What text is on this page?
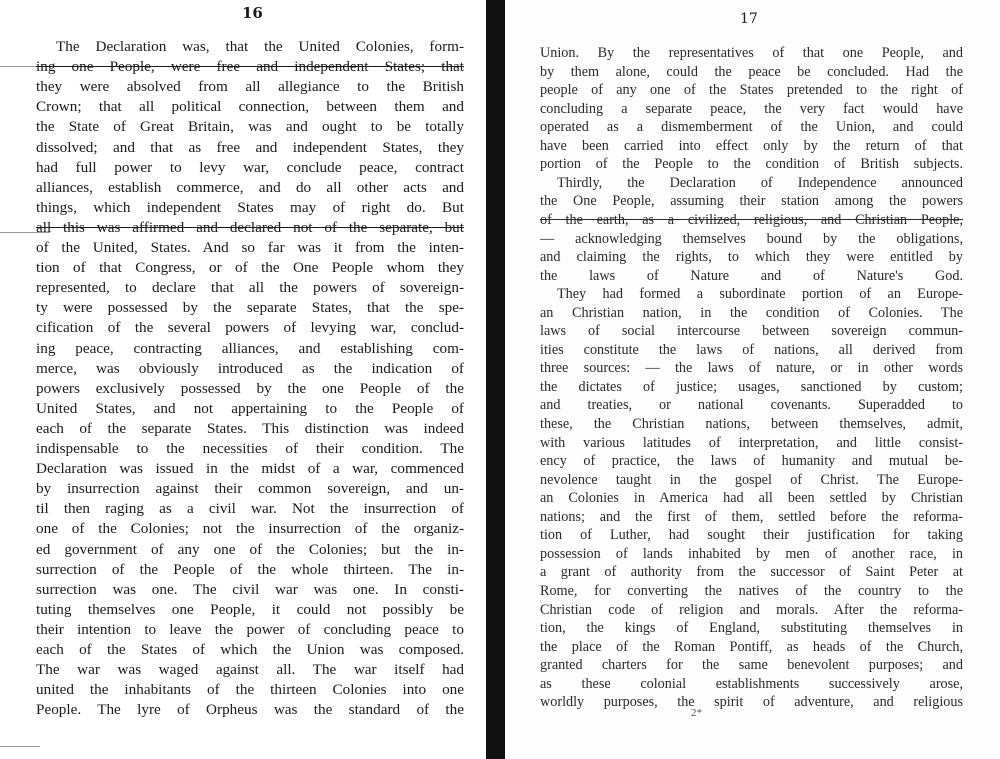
16
The Declaration was, that the United Colonies, form-
ing one People, were free and independent States; that
they were absolved from all allegiance to the British
Crown; that all political connection, between them and
the State of Great Britain, was and ought to be totally
dissolved; and that as free and independent States, they
had full power to levy war, conclude peace, contract
alliances, establish commerce, and do all other acts and
things, which independent States may of right do. But
all this was affirmed and declared not of the separate, but
of the United, States. And so far was it from the inten-
tion of that Congress, or of the One People whom they
represented, to declare that all the powers of sovereign-
ty were possessed by the separate States, that the spe-
cification of the several powers of levying war, conclud-
ing peace, contracting alliances, and establishing com-
merce, was obviously introduced as the indication of
powers exclusively possessed by the one People of the
United States, and not appertaining to the People of
each of the separate States. This distinction was indeed
indispensable to the necessities of their condition. The
Declaration was issued in the midst of a war, commenced
by insurrection against their common sovereign, and un-
til then raging as a civil war. Not the insurrection of
one of the Colonies; not the insurrection of the organiz-
ed government of any one of the Colonies; but the in-
surrection of the People of the whole thirteen. The in-
surrection was one. The civil war was one. In consti-
tuting themselves one People, it could not possibly be
their intention to leave the power of concluding peace to
each of the States of which the Union was composed.
The war was waged against all. The war itself had
united the inhabitants of the thirteen Colonies into one
People. The lyre of Orpheus was the standard of the
17
Union. By the representatives of that one People, and
by them alone, could the peace be concluded. Had the
people of any one of the States pretended to the right of
concluding a separate peace, the very fact would have
operated as a dismemberment of the Union, and could
have been carried into effect only by the return of that
portion of the People to the condition of British subjects.
Thirdly, the Declaration of Independence announced
the One People, assuming their station among the powers
of the earth, as a civilized, religious, and Christian People,
— acknowledging themselves bound by the obligations,
and claiming the rights, to which they were entitled by
the laws of Nature and of Nature's God.
They had formed a subordinate portion of an Europe-
an Christian nation, in the condition of Colonies. The
laws of social intercourse between sovereign commun-
ities constitute the laws of nations, all derived from
three sources: — the laws of nature, or in other words
the dictates of justice; usages, sanctioned by custom;
and treaties, or national covenants. Superadded to
these, the Christian nations, between themselves, admit,
with various latitudes of interpretation, and little consist-
ency of practice, the laws of humanity and mutual be-
nevolence taught in the gospel of Christ. The Europe-
an Colonies in America had all been settled by Christian
nations; and the first of them, settled before the reforma-
tion of Luther, had sought their justification for taking
possession of lands inhabited by men of another race, in
a grant of authority from the successor of Saint Peter at
Rome, for converting the natives of the country to the
Christian code of religion and morals. After the reforma-
tion, the kings of England, substituting themselves in
the place of the Roman Pontiff, as heads of the Church,
granted charters for the same benevolent purposes; and
as these colonial establishments successively arose,
worldly purposes, the spirit of adventure, and religious
2*
